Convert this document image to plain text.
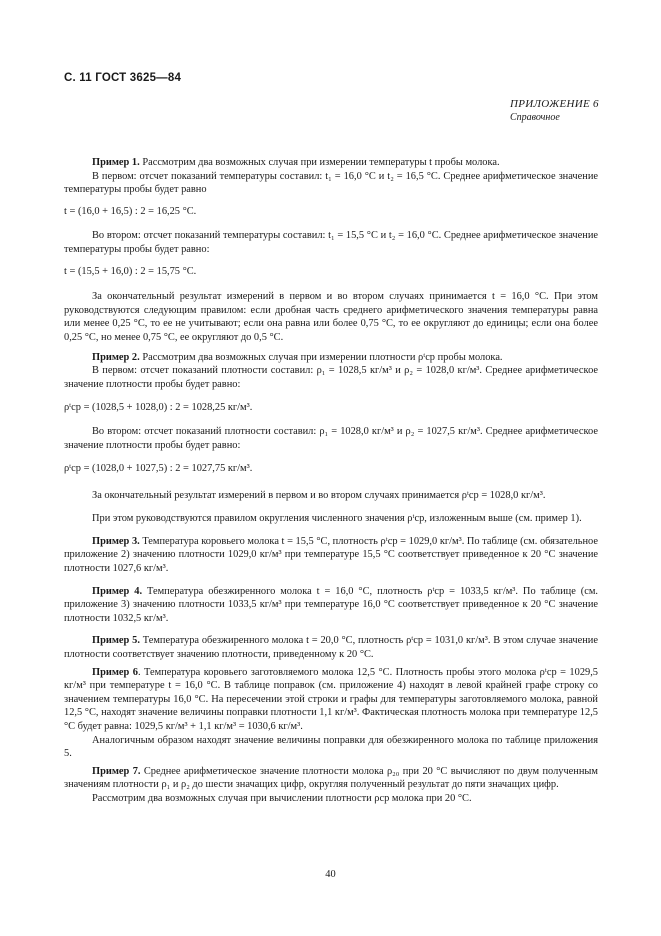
С. 11 ГОСТ 3625—84
ПРИЛОЖЕНИЕ 6
Справочное

Пример 1. Рассмотрим два возможных случая при измерении температуры t пробы молока.

В первом: отсчет показаний температуры составил: t₁ = 16,0 °С и t₂ = 16,5 °С. Среднее арифметическое значение температуры пробы будет равно

t = (16,0 + 16,5) : 2 = 16,25 °С.

Во втором: отсчет показаний температуры составил: t₁ = 15,5 °С и t₂ = 16,0 °С. Среднее арифметическое значение температуры пробы будет равно:

t = (15,5 + 16,0) : 2 = 15,75 °С.

За окончательный результат измерений в первом и во втором случаях принимается t = 16,0 °С. При этом руководствуются следующим правилом: если дробная часть среднего арифметического значения температуры равна или менее 0,25 °С, то ее не учитывают; если она равна или более 0,75 °С, то ее округляют до единицы; если она более 0,25 °С, но менее 0,75 °С, ее округляют до 0,5 °С.

Пример 2. Рассмотрим два возможных случая при измерении плотности ρᵗср пробы молока.

В первом: отсчет показаний плотности составил: ρ₁ = 1028,5 кг/м³ и ρ₂ = 1028,0 кг/м³. Среднее арифметическое значение плотности пробы будет равно:

ρᵗср = (1028,5 + 1028,0) : 2 = 1028,25 кг/м³.

Во втором: отсчет показаний плотности составил: ρ₁ = 1028,0 кг/м³ и ρ₂ = 1027,5 кг/м³. Среднее арифметическое значение плотности пробы будет равно:

ρᵗср = (1028,0 + 1027,5) : 2 = 1027,75 кг/м³.

За окончательный результат измерений в первом и во втором случаях принимается ρᵗср = 1028,0 кг/м³.

При этом руководствуются правилом округления численного значения ρᵗср, изложенным выше (см. пример 1).

Пример 3. Температура коровьего молока t = 15,5 °С, плотность ρᵗср = 1029,0 кг/м³. По таблице (см. обязательное приложение 2) значению плотности 1029,0 кг/м³ при температуре 15,5 °С соответствует приведенное к 20 °С значение плотности 1027,6 кг/м³.

Пример 4. Температура обезжиренного молока t = 16,0 °С, плотность ρᵗср = 1033,5 кг/м³. По таблице (см. приложение 3) значению плотности 1033,5 кг/м³ при температуре 16,0 °С соответствует приведенное к 20 °С значение плотности 1032,5 кг/м³.

Пример 5. Температура обезжиренного молока t = 20,0 °С, плотность ρᵗср = 1031,0 кг/м³. В этом случае значение плотности соответствует значению плотности, приведенному к 20 °С.

Пример 6. Температура коровьего заготовляемого молока 12,5 °С. Плотность пробы этого молока ρᵗср = 1029,5 кг/м³ при температуре t = 16,0 °С. В таблице поправок (см. приложение 4) находят в левой крайней графе строку со значением температуры 16,0 °С. На пересечении этой строки и графы для температуры заготовляемого молока, равной 12,5 °С, находят значение величины поправки плотности 1,1 кг/м³. Фактическая плотность молока при температуре 12,5 °С будет равна: 1029,5 кг/м³ + 1,1 кг/м³ = 1030,6 кг/м³.

Аналогичным образом находят значение величины поправки для обезжиренного молока по таблице приложения 5.

Пример 7. Среднее арифметическое значение плотности молока ρ₂₀ при 20 °С вычисляют по двум полученным значениям плотности ρ₁ и ρ₂ до шести значащих цифр, округляя полученный результат до пяти значащих цифр.

Рассмотрим два возможных случая при вычислении плотности ρср молока при 20 °С.

40
